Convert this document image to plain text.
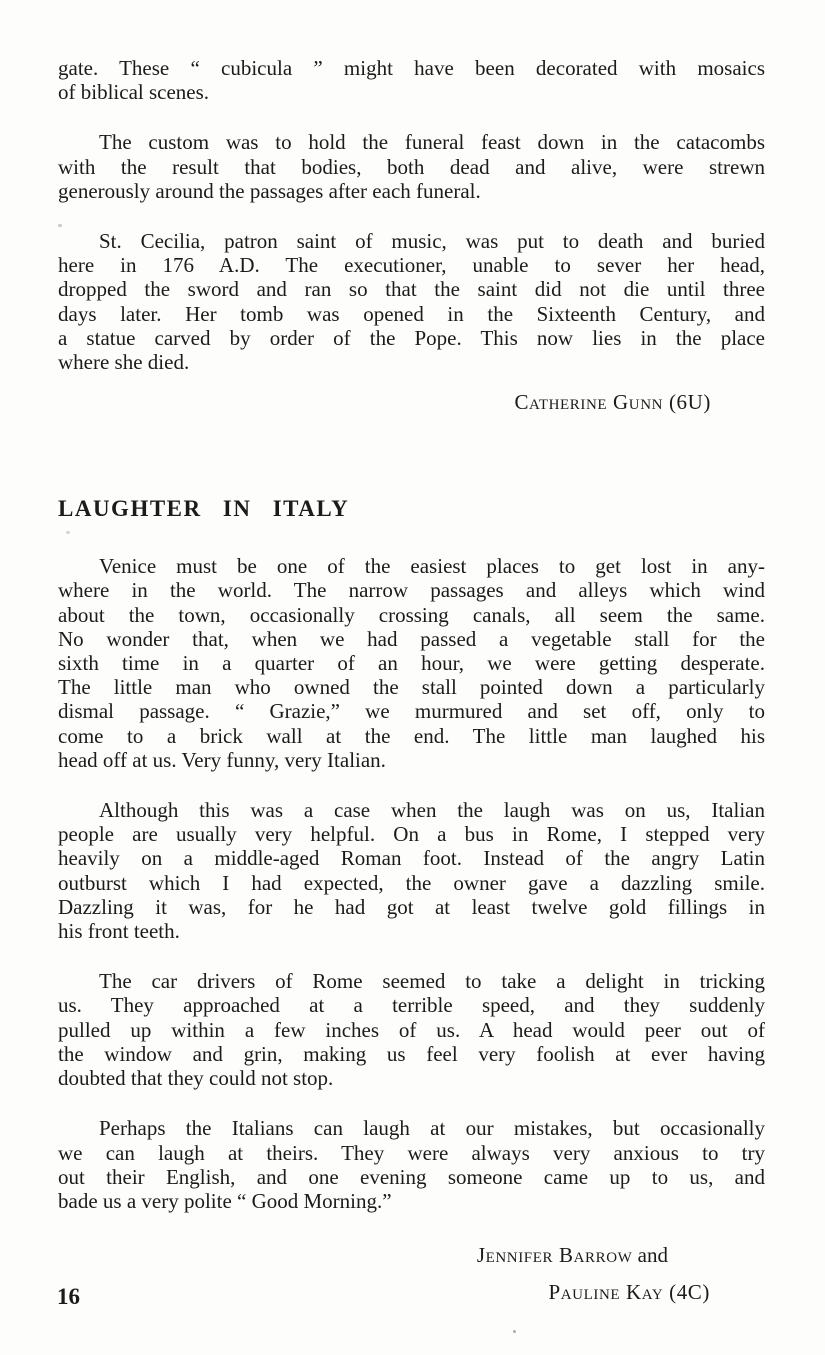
gate. These “ cubicula ” might have been decorated with mosaics
of biblical scenes.
The custom was to hold the funeral feast down in the catacombs
with the result that bodies, both dead and alive, were strewn
generously around the passages after each funeral.
St. Cecilia, patron saint of music, was put to death and buried
here in 176 A.D. The executioner, unable to sever her head,
dropped the sword and ran so that the saint did not die until three
days later. Her tomb was opened in the Sixteenth Century, and
a statue carved by order of the Pope. This now lies in the place
where she died.
Catherine Gunn (6U)
LAUGHTER IN ITALY
Venice must be one of the easiest places to get lost in any-
where in the world. The narrow passages and alleys which wind
about the town, occasionally crossing canals, all seem the same.
No wonder that, when we had passed a vegetable stall for the
sixth time in a quarter of an hour, we were getting desperate.
The little man who owned the stall pointed down a particularly
dismal passage. “ Grazie,” we murmured and set off, only to
come to a brick wall at the end. The little man laughed his
head off at us. Very funny, very Italian.
Although this was a case when the laugh was on us, Italian
people are usually very helpful. On a bus in Rome, I stepped very
heavily on a middle-aged Roman foot. Instead of the angry Latin
outburst which I had expected, the owner gave a dazzling smile.
Dazzling it was, for he had got at least twelve gold fillings in
his front teeth.
The car drivers of Rome seemed to take a delight in tricking
us. They approached at a terrible speed, and they suddenly
pulled up within a few inches of us. A head would peer out of
the window and grin, making us feel very foolish at ever having
doubted that they could not stop.
Perhaps the Italians can laugh at our mistakes, but occasionally
we can laugh at theirs. They were always very anxious to try
out their English, and one evening someone came up to us, and
bade us a very polite “ Good Morning.”
Jennifer Barrow and
Pauline Kay (4C)
16
